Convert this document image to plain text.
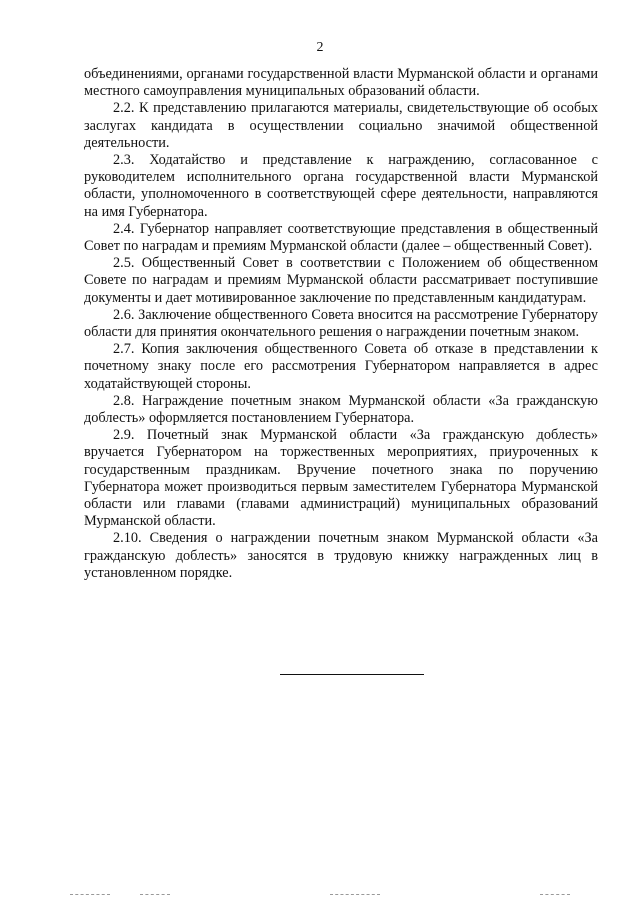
2

объединениями, органами государственной власти Мурманской области и органами местного самоуправления муниципальных образований области.

2.2. К представлению прилагаются материалы, свидетельствующие об особых заслугах кандидата в осуществлении социально значимой общественной деятельности.

2.3. Ходатайство и представление к награждению, согласованное с руководителем исполнительного органа государственной власти Мурманской области, уполномоченного в соответствующей сфере деятельности, направляются на имя Губернатора.

2.4. Губернатор направляет соответствующие представления в общественный Совет по наградам и премиям Мурманской области (далее – общественный Совет).

2.5. Общественный Совет в соответствии с Положением об общественном Совете по наградам и премиям Мурманской области рассматривает поступившие документы и дает мотивированное заключение по представленным кандидатурам.

2.6. Заключение общественного Совета вносится на рассмотрение Губернатору области для принятия окончательного решения о награждении почетным знаком.

2.7. Копия заключения общественного Совета об отказе в представлении к почетному знаку после его рассмотрения Губернатором направляется в адрес ходатайствующей стороны.

2.8. Награждение почетным знаком Мурманской области «За гражданскую доблесть» оформляется постановлением Губернатора.

2.9. Почетный знак Мурманской области «За гражданскую доблесть» вручается Губернатором на торжественных мероприятиях, приуроченных к государственным праздникам. Вручение почетного знака по поручению Губернатора может производиться первым заместителем Губернатора Мурманской области или главами (главами администраций) муниципальных образований Мурманской области.

2.10. Сведения о награждении почетным знаком Мурманской области «За гражданскую доблесть» заносятся в трудовую книжку награжденных лиц в установленном порядке.
